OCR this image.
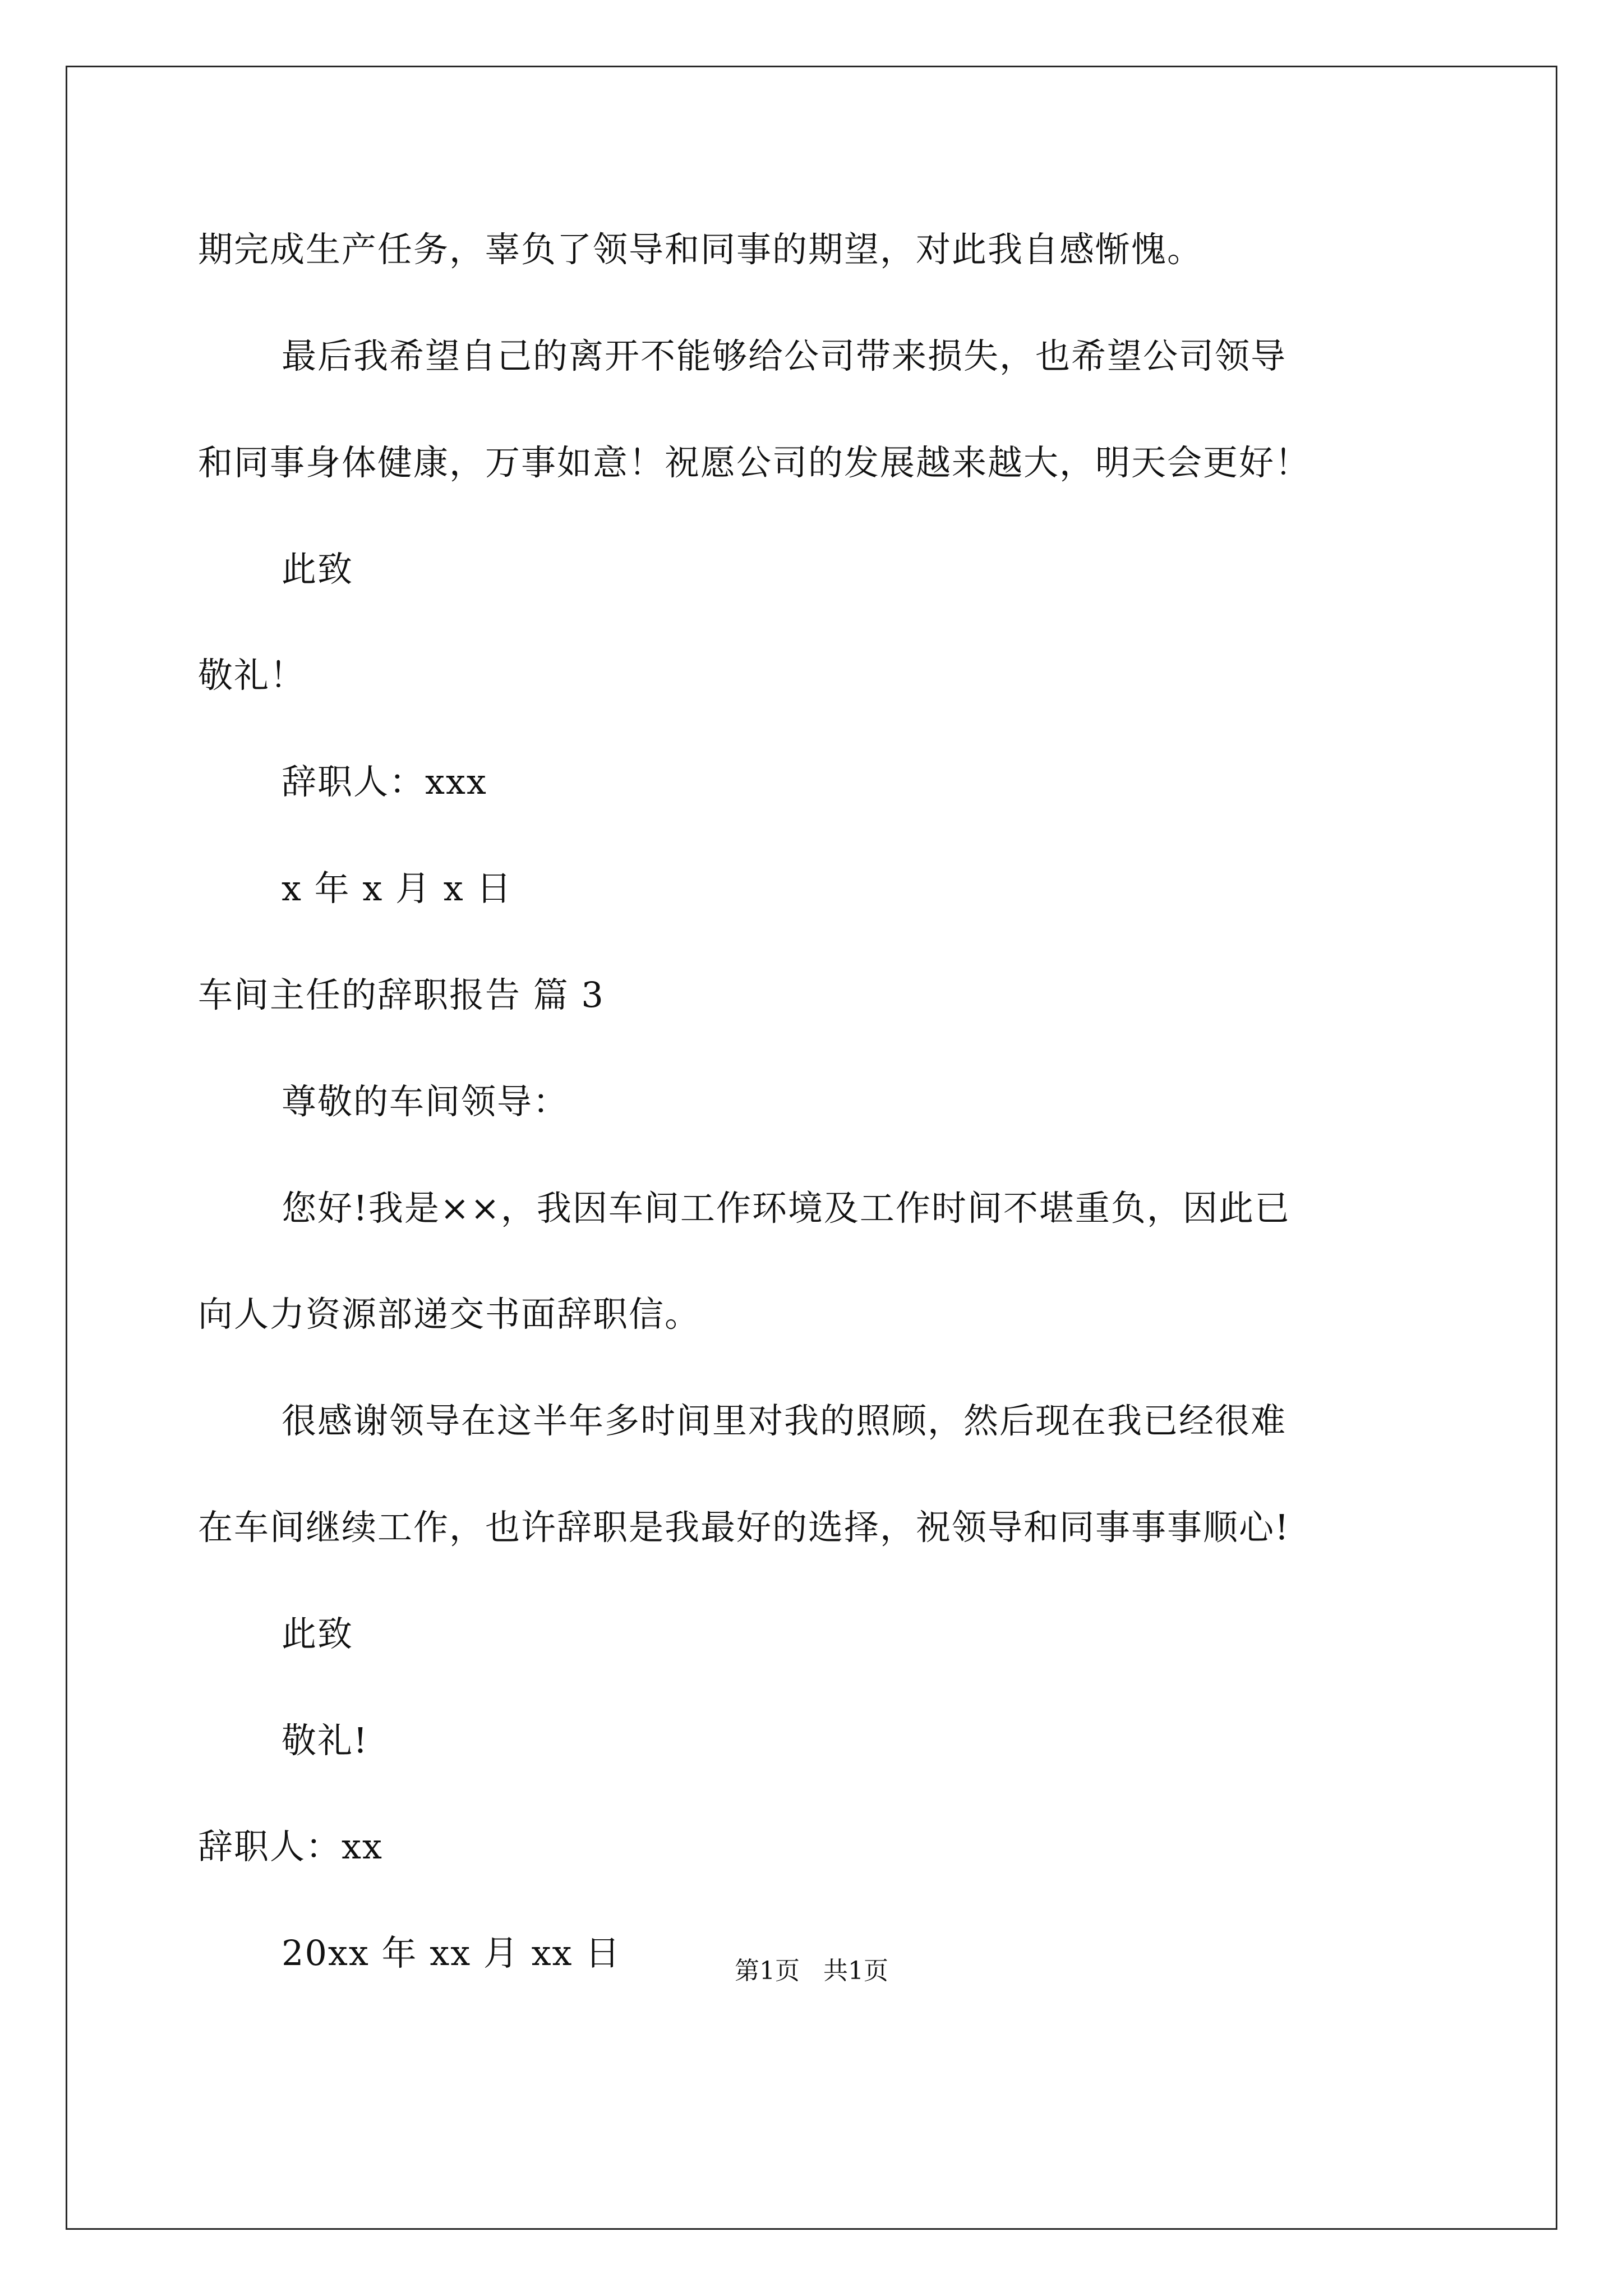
期完成生产任务，辜负了领导和同事的期望，对此我自感惭愧。
最后我希望自己的离开不能够给公司带来损失，也希望公司领导
和同事身体健康，万事如意！祝愿公司的发展越来越大，明天会更好！
此致
敬礼！
辞职人：xxx
x 年 x 月 x 日
车间主任的辞职报告 篇 3
尊敬的车间领导：
您好!我是××，我因车间工作环境及工作时间不堪重负，因此已
向人力资源部递交书面辞职信。
很感谢领导在这半年多时间里对我的照顾，然后现在我已经很难
在车间继续工作，也许辞职是我最好的选择，祝领导和同事事事顺心!
此致
敬礼!
辞职人：xx
20xx 年 xx 月 xx 日	第1页   共1页
